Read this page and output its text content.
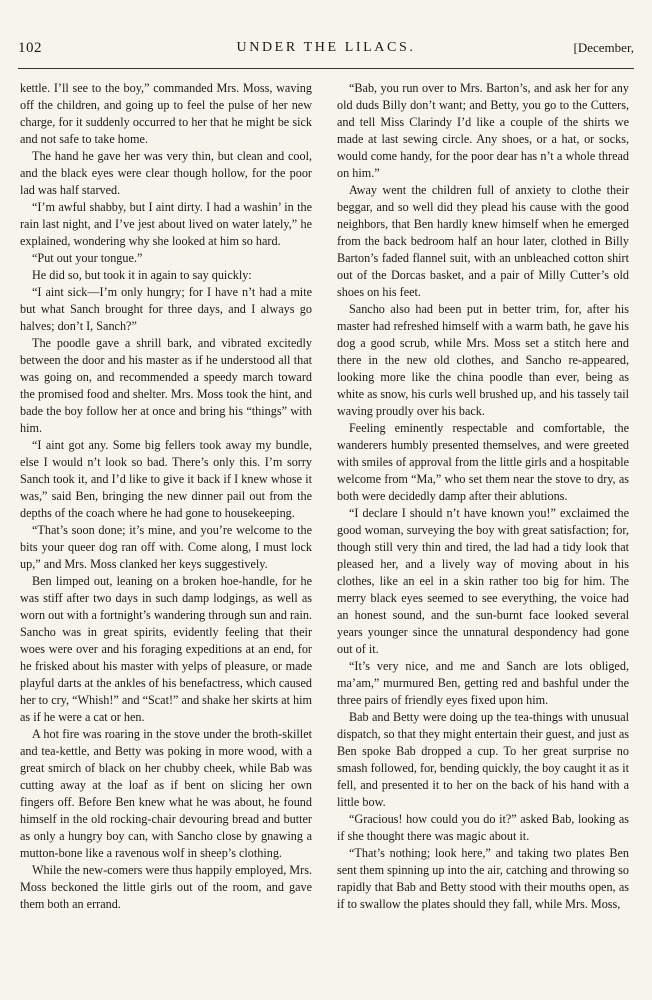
102	UNDER THE LILACS.	[December,

kettle. I’ll see to the boy,” commanded Mrs. Moss, waving off the children, and going up to feel the pulse of her new charge, for it suddenly occurred to her that he might be sick and not safe to take home.

The hand he gave her was very thin, but clean and cool, and the black eyes were clear though hollow, for the poor lad was half starved.

“I’m awful shabby, but I aint dirty. I had a washin’ in the rain last night, and I’ve jest about lived on water lately,” he explained, wondering why she looked at him so hard.

“Put out your tongue.”

He did so, but took it in again to say quickly:

“I aint sick—I’m only hungry; for I have n’t had a mite but what Sanch brought for three days, and I always go halves; don’t I, Sanch?”

The poodle gave a shrill bark, and vibrated excitedly between the door and his master as if he understood all that was going on, and recommended a speedy march toward the promised food and shelter. Mrs. Moss took the hint, and bade the boy follow her at once and bring his “things” with him.

“I aint got any. Some big fellers took away my bundle, else I would n’t look so bad. There’s only this. I’m sorry Sanch took it, and I’d like to give it back if I knew whose it was,” said Ben, bringing the new dinner pail out from the depths of the coach where he had gone to housekeeping.

“That’s soon done; it’s mine, and you’re welcome to the bits your queer dog ran off with. Come along, I must lock up,” and Mrs. Moss clanked her keys suggestively.

Ben limped out, leaning on a broken hoe-handle, for he was stiff after two days in such damp lodgings, as well as worn out with a fortnight’s wandering through sun and rain. Sancho was in great spirits, evidently feeling that their woes were over and his foraging expeditions at an end, for he frisked about his master with yelps of pleasure, or made playful darts at the ankles of his benefactress, which caused her to cry, “Whish!” and “Scat!” and shake her skirts at him as if he were a cat or hen.

A hot fire was roaring in the stove under the broth-skillet and tea-kettle, and Betty was poking in more wood, with a great smirch of black on her chubby cheek, while Bab was cutting away at the loaf as if bent on slicing her own fingers off. Before Ben knew what he was about, he found himself in the old rocking-chair devouring bread and butter as only a hungry boy can, with Sancho close by gnawing a mutton-bone like a ravenous wolf in sheep’s clothing.

While the new-comers were thus happily employed, Mrs. Moss beckoned the little girls out of the room, and gave them both an errand.

“Bab, you run over to Mrs. Barton’s, and ask her for any old duds Billy don’t want; and Betty, you go to the Cutters, and tell Miss Clarindy I’d like a couple of the shirts we made at last sewing circle. Any shoes, or a hat, or socks, would come handy, for the poor dear has n’t a whole thread on him.”

Away went the children full of anxiety to clothe their beggar, and so well did they plead his cause with the good neighbors, that Ben hardly knew himself when he emerged from the back bedroom half an hour later, clothed in Billy Barton’s faded flannel suit, with an unbleached cotton shirt out of the Dorcas basket, and a pair of Milly Cutter’s old shoes on his feet.

Sancho also had been put in better trim, for, after his master had refreshed himself with a warm bath, he gave his dog a good scrub, while Mrs. Moss set a stitch here and there in the new old clothes, and Sancho re-appeared, looking more like the china poodle than ever, being as white as snow, his curls well brushed up, and his tassely tail waving proudly over his back.

Feeling eminently respectable and comfortable, the wanderers humbly presented themselves, and were greeted with smiles of approval from the little girls and a hospitable welcome from “Ma,” who set them near the stove to dry, as both were decidedly damp after their ablutions.

“I declare I should n’t have known you!” exclaimed the good woman, surveying the boy with great satisfaction; for, though still very thin and tired, the lad had a tidy look that pleased her, and a lively way of moving about in his clothes, like an eel in a skin rather too big for him. The merry black eyes seemed to see everything, the voice had an honest sound, and the sun-burnt face looked several years younger since the unnatural despondency had gone out of it.

“It’s very nice, and me and Sanch are lots obliged, ma’am,” murmured Ben, getting red and bashful under the three pairs of friendly eyes fixed upon him.

Bab and Betty were doing up the tea-things with unusual dispatch, so that they might entertain their guest, and just as Ben spoke Bab dropped a cup. To her great surprise no smash followed, for, bending quickly, the boy caught it as it fell, and presented it to her on the back of his hand with a little bow.

“Gracious! how could you do it?” asked Bab, looking as if she thought there was magic about it.

“That’s nothing; look here,” and taking two plates Ben sent them spinning up into the air, catching and throwing so rapidly that Bab and Betty stood with their mouths open, as if to swallow the plates should they fall, while Mrs. Moss,
